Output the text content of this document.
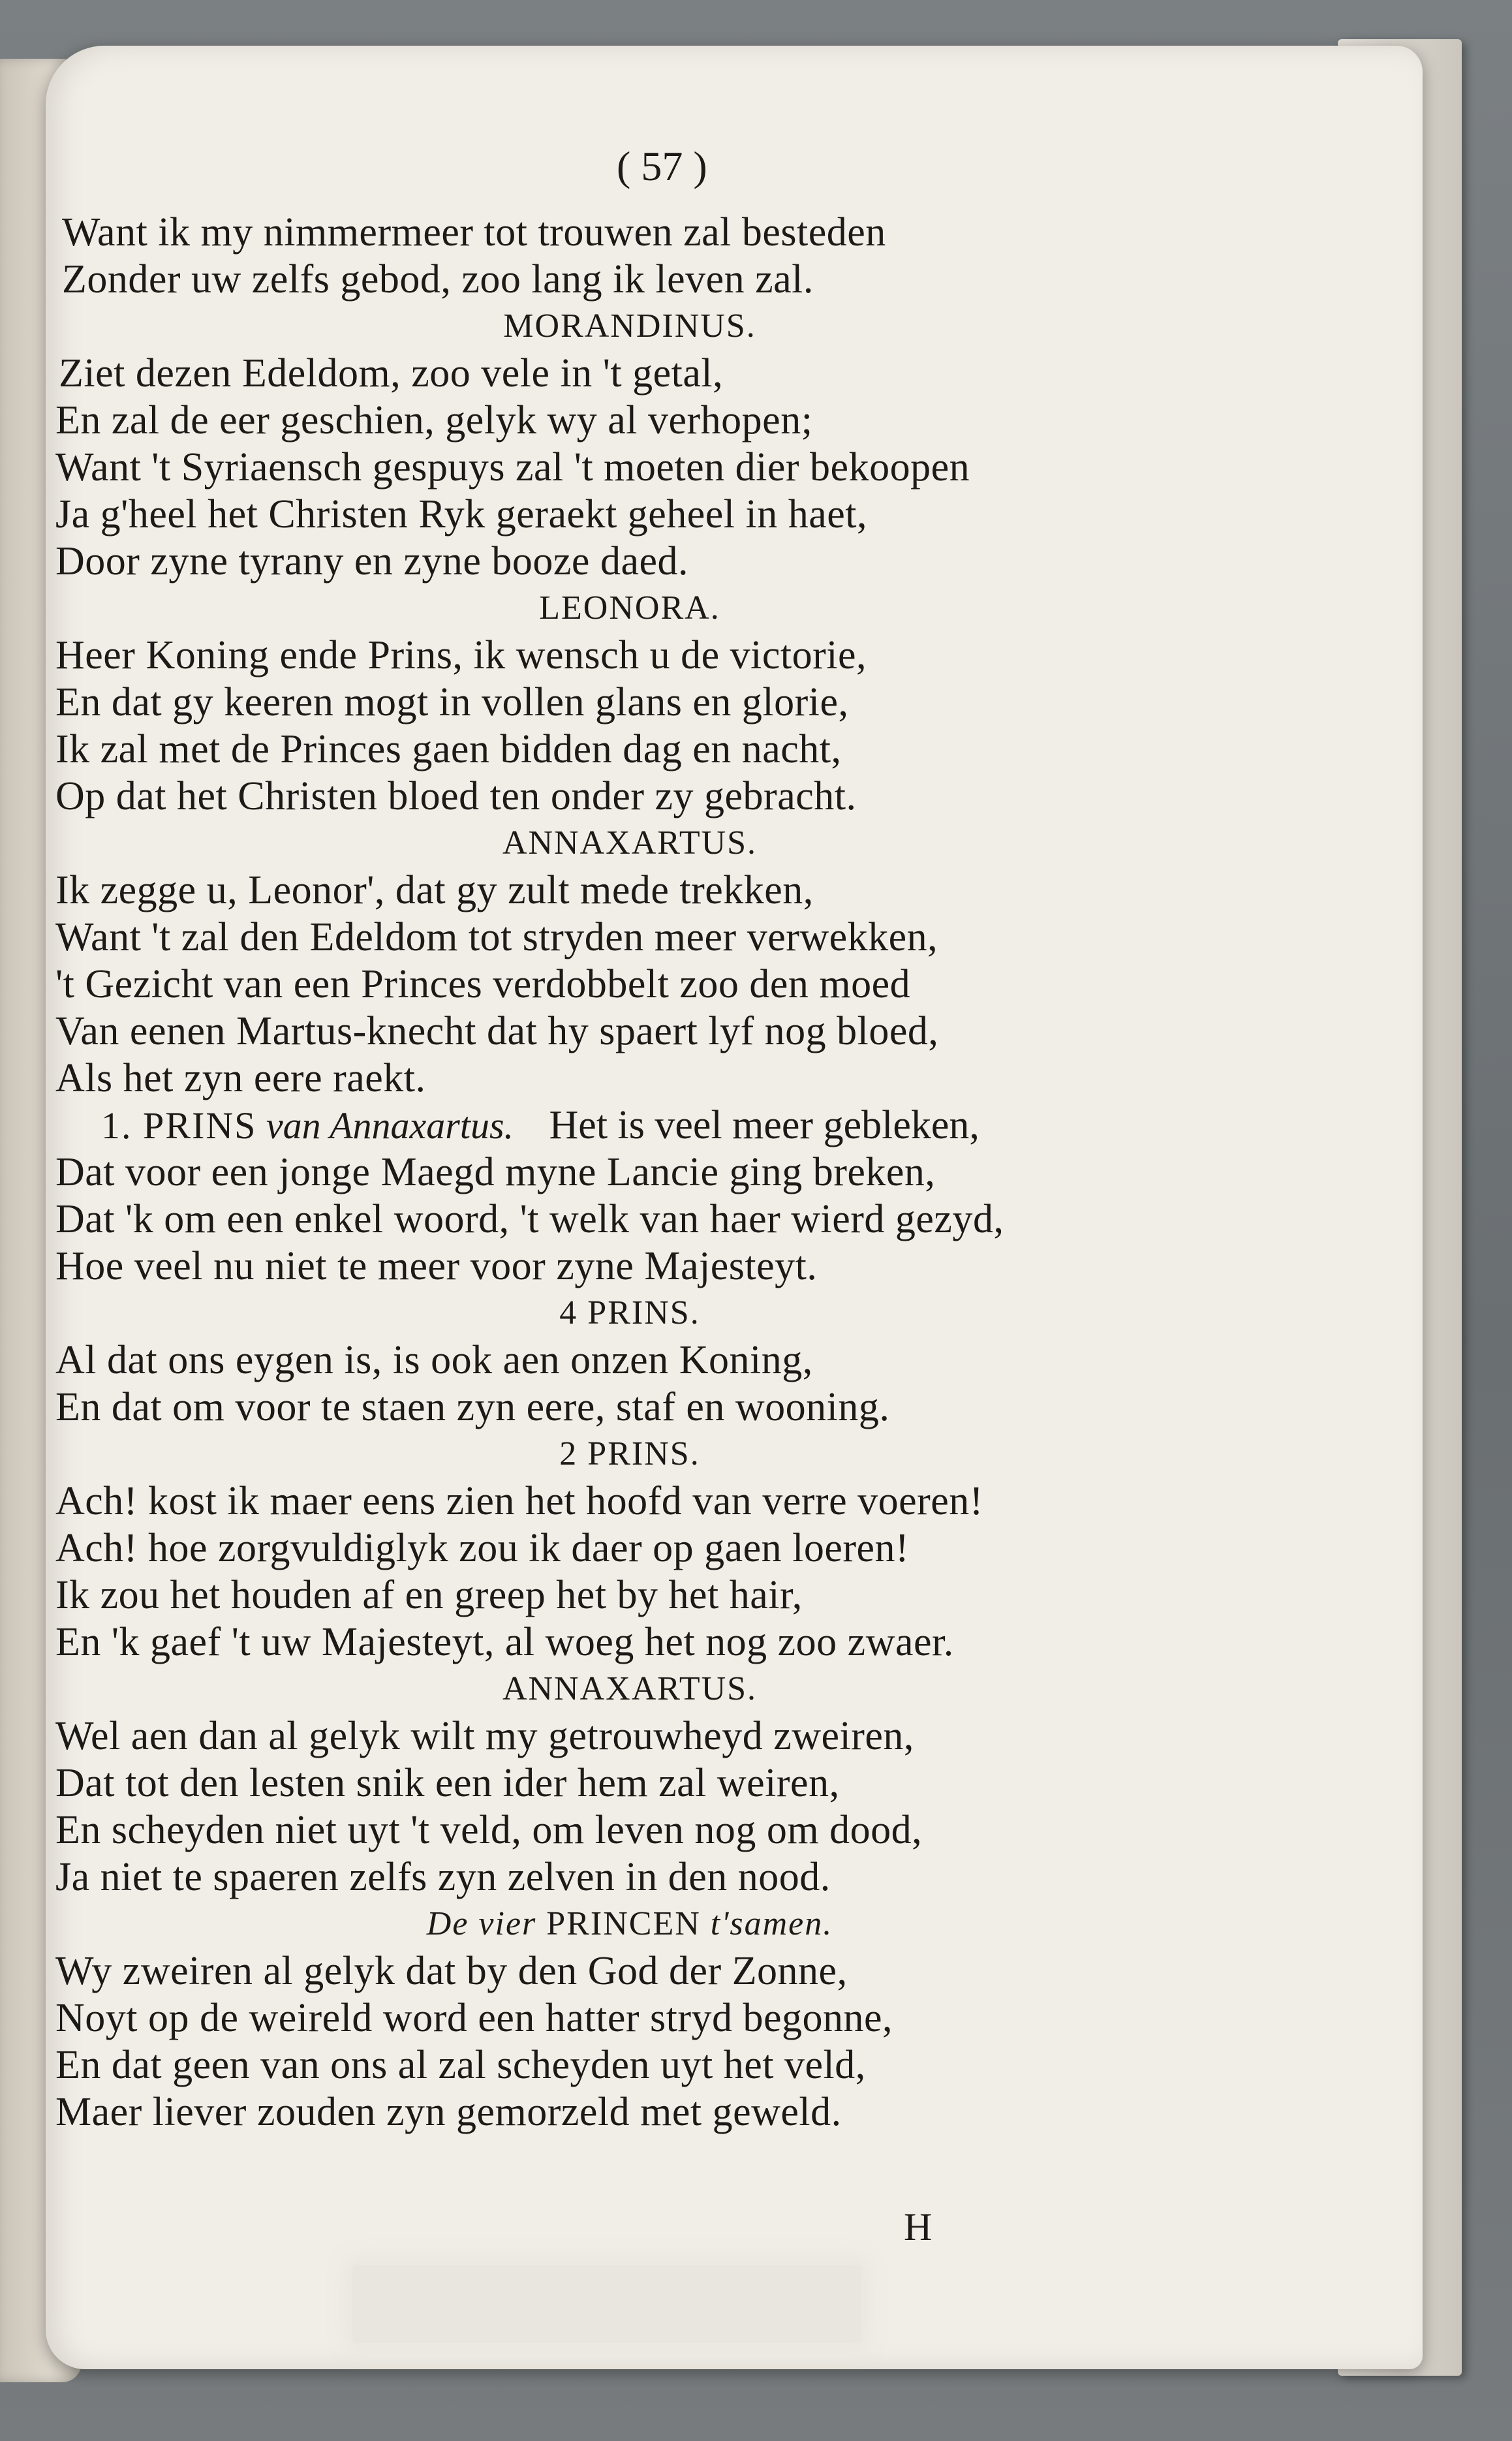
( 57 )
Want ik my nimmermeer tot trouwen zal besteden
Zonder uw zelfs gebod, zoo lang ik leven zal.
MORANDINUS.
Ziet dezen Edeldom, zoo vele in 't getal,
En zal de eer geschien, gelyk wy al verhopen;
Want 't Syriaensch gespuys zal 't moeten dier bekoopen
Ja g'heel het Christen Ryk geraekt geheel in haet,
Door zyne tyrany en zyne booze daed.
LEONORA.
Heer Koning ende Prins, ik wensch u de victorie,
En dat gy keeren mogt in vollen glans en glorie,
Ik zal met de Princes gaen bidden dag en nacht,
Op dat het Christen bloed ten onder zy gebracht.
ANNAXARTUS.
Ik zegge u, Leonor', dat gy zult mede trekken,
Want 't zal den Edeldom tot stryden meer verwekken,
't Gezicht van een Princes verdobbelt zoo den moed
Van eenen Martus-knecht dat hy spaert lyf nog bloed,
Als het zyn eere raekt.
1. PRINS van Annaxartus. Het is veel meer gebleken,
Dat voor een jonge Maegd myne Lancie ging breken,
Dat 'k om een enkel woord, 't welk van haer wierd gezyd,
Hoe veel nu niet te meer voor zyne Majesteyt.
4 PRINS.
Al dat ons eygen is, is ook aen onzen Koning,
En dat om voor te staen zyn eere, staf en wooning.
2 PRINS.
Ach! kost ik maer eens zien het hoofd van verre voeren!
Ach! hoe zorgvuldiglyk zou ik daer op gaen loeren!
Ik zou het houden af en greep het by het hair,
En 'k gaef 't uw Majesteyt, al woeg het nog zoo zwaer.
ANNAXARTUS.
Wel aen dan al gelyk wilt my getrouwheyd zweiren,
Dat tot den lesten snik een ider hem zal weiren,
En scheyden niet uyt 't veld, om leven nog om dood,
Ja niet te spaeren zelfs zyn zelven in den nood.
De vier PRINCEN t'samen.
Wy zweiren al gelyk dat by den God der Zonne,
Noyt op de weireld word een hatter stryd begonne,
En dat geen van ons al zal scheyden uyt het veld,
Maer liever zouden zyn gemorzeld met geweld.
H
